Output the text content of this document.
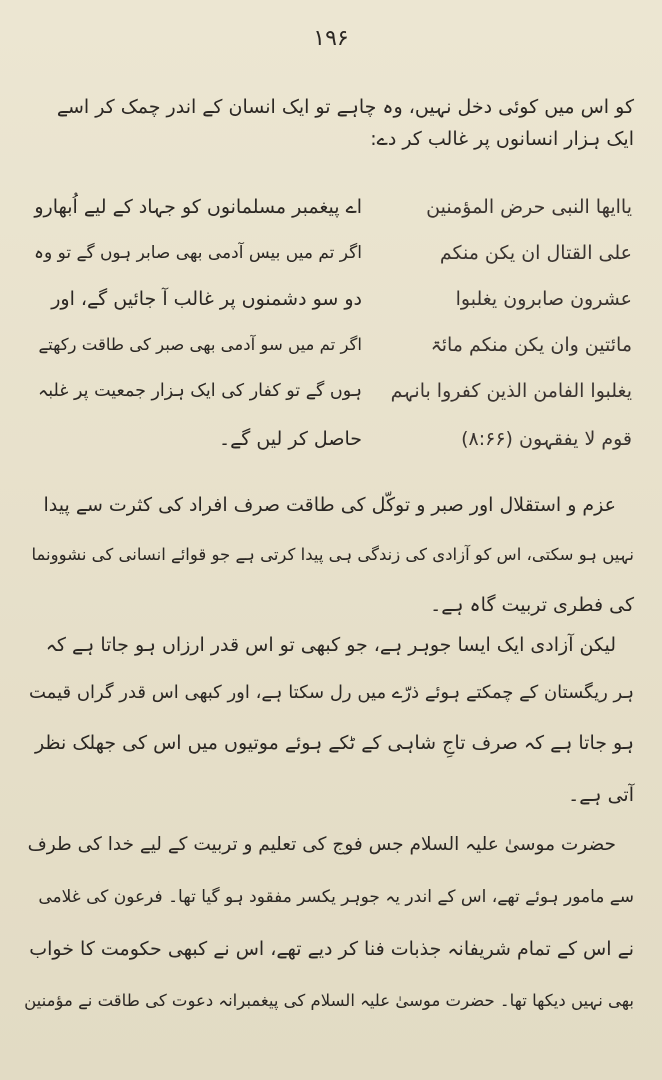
۱۹۶
کو اس میں کوئی دخل نہیں، وہ چاہے تو ایک انسان کے اندر چمک کر اسے
ایک ہزار انسانوں پر غالب کر دے:
یاایھا النبی حرض المؤمنین
علی القتال ان یکن منکم
عشرون صابرون یغلبوا
مائتین وان یکن منکم مائۃ
یغلبوا الفامن الذین کفروا بانہم
قوم لا یفقہون (۸:۶۶)
اے پیغمبر مسلمانوں کو جہاد کے لیے اُبھارو
اگر تم میں بیس آدمی بھی صابر ہوں گے تو وہ
دو سو دشمنوں پر غالب آ جائیں گے، اور
اگر تم میں سو آدمی بھی صبر کی طاقت رکھتے
ہوں گے تو کفار کی ایک ہزار جمعیت پر غلبہ
حاصل کر لیں گے۔
عزم و استقلال اور صبر و توکّل کی طاقت صرف افراد کی کثرت سے پیدا
نہیں ہو سکتی، اس کو آزادی کی زندگی ہی پیدا کرتی ہے جو قوائے انسانی کی نشوونما
کی فطری تربیت گاہ ہے۔
لیکن آزادی ایک ایسا جوہر ہے، جو کبھی تو اس قدر ارزاں ہو جاتا ہے کہ
ہر ریگستان کے چمکتے ہوئے ذرّے میں رل سکتا ہے، اور کبھی اس قدر گراں قیمت
ہو جاتا ہے کہ صرف تاجِ شاہی کے ٹکے ہوئے موتیوں میں اس کی جھلک نظر
آتی ہے۔
حضرت موسیٰ علیہ السلام جس فوج کی تعلیم و تربیت کے لیے خدا کی طرف
سے مامور ہوئے تھے، اس کے اندر یہ جوہر یکسر مفقود ہو گیا تھا۔ فرعون کی غلامی
نے اس کے تمام شریفانہ جذبات فنا کر دیے تھے، اس نے کبھی حکومت کا خواب
بھی نہیں دیکھا تھا۔ حضرت موسیٰ علیہ السلام کی پیغمبرانہ دعوت کی طاقت نے مؤمنین
